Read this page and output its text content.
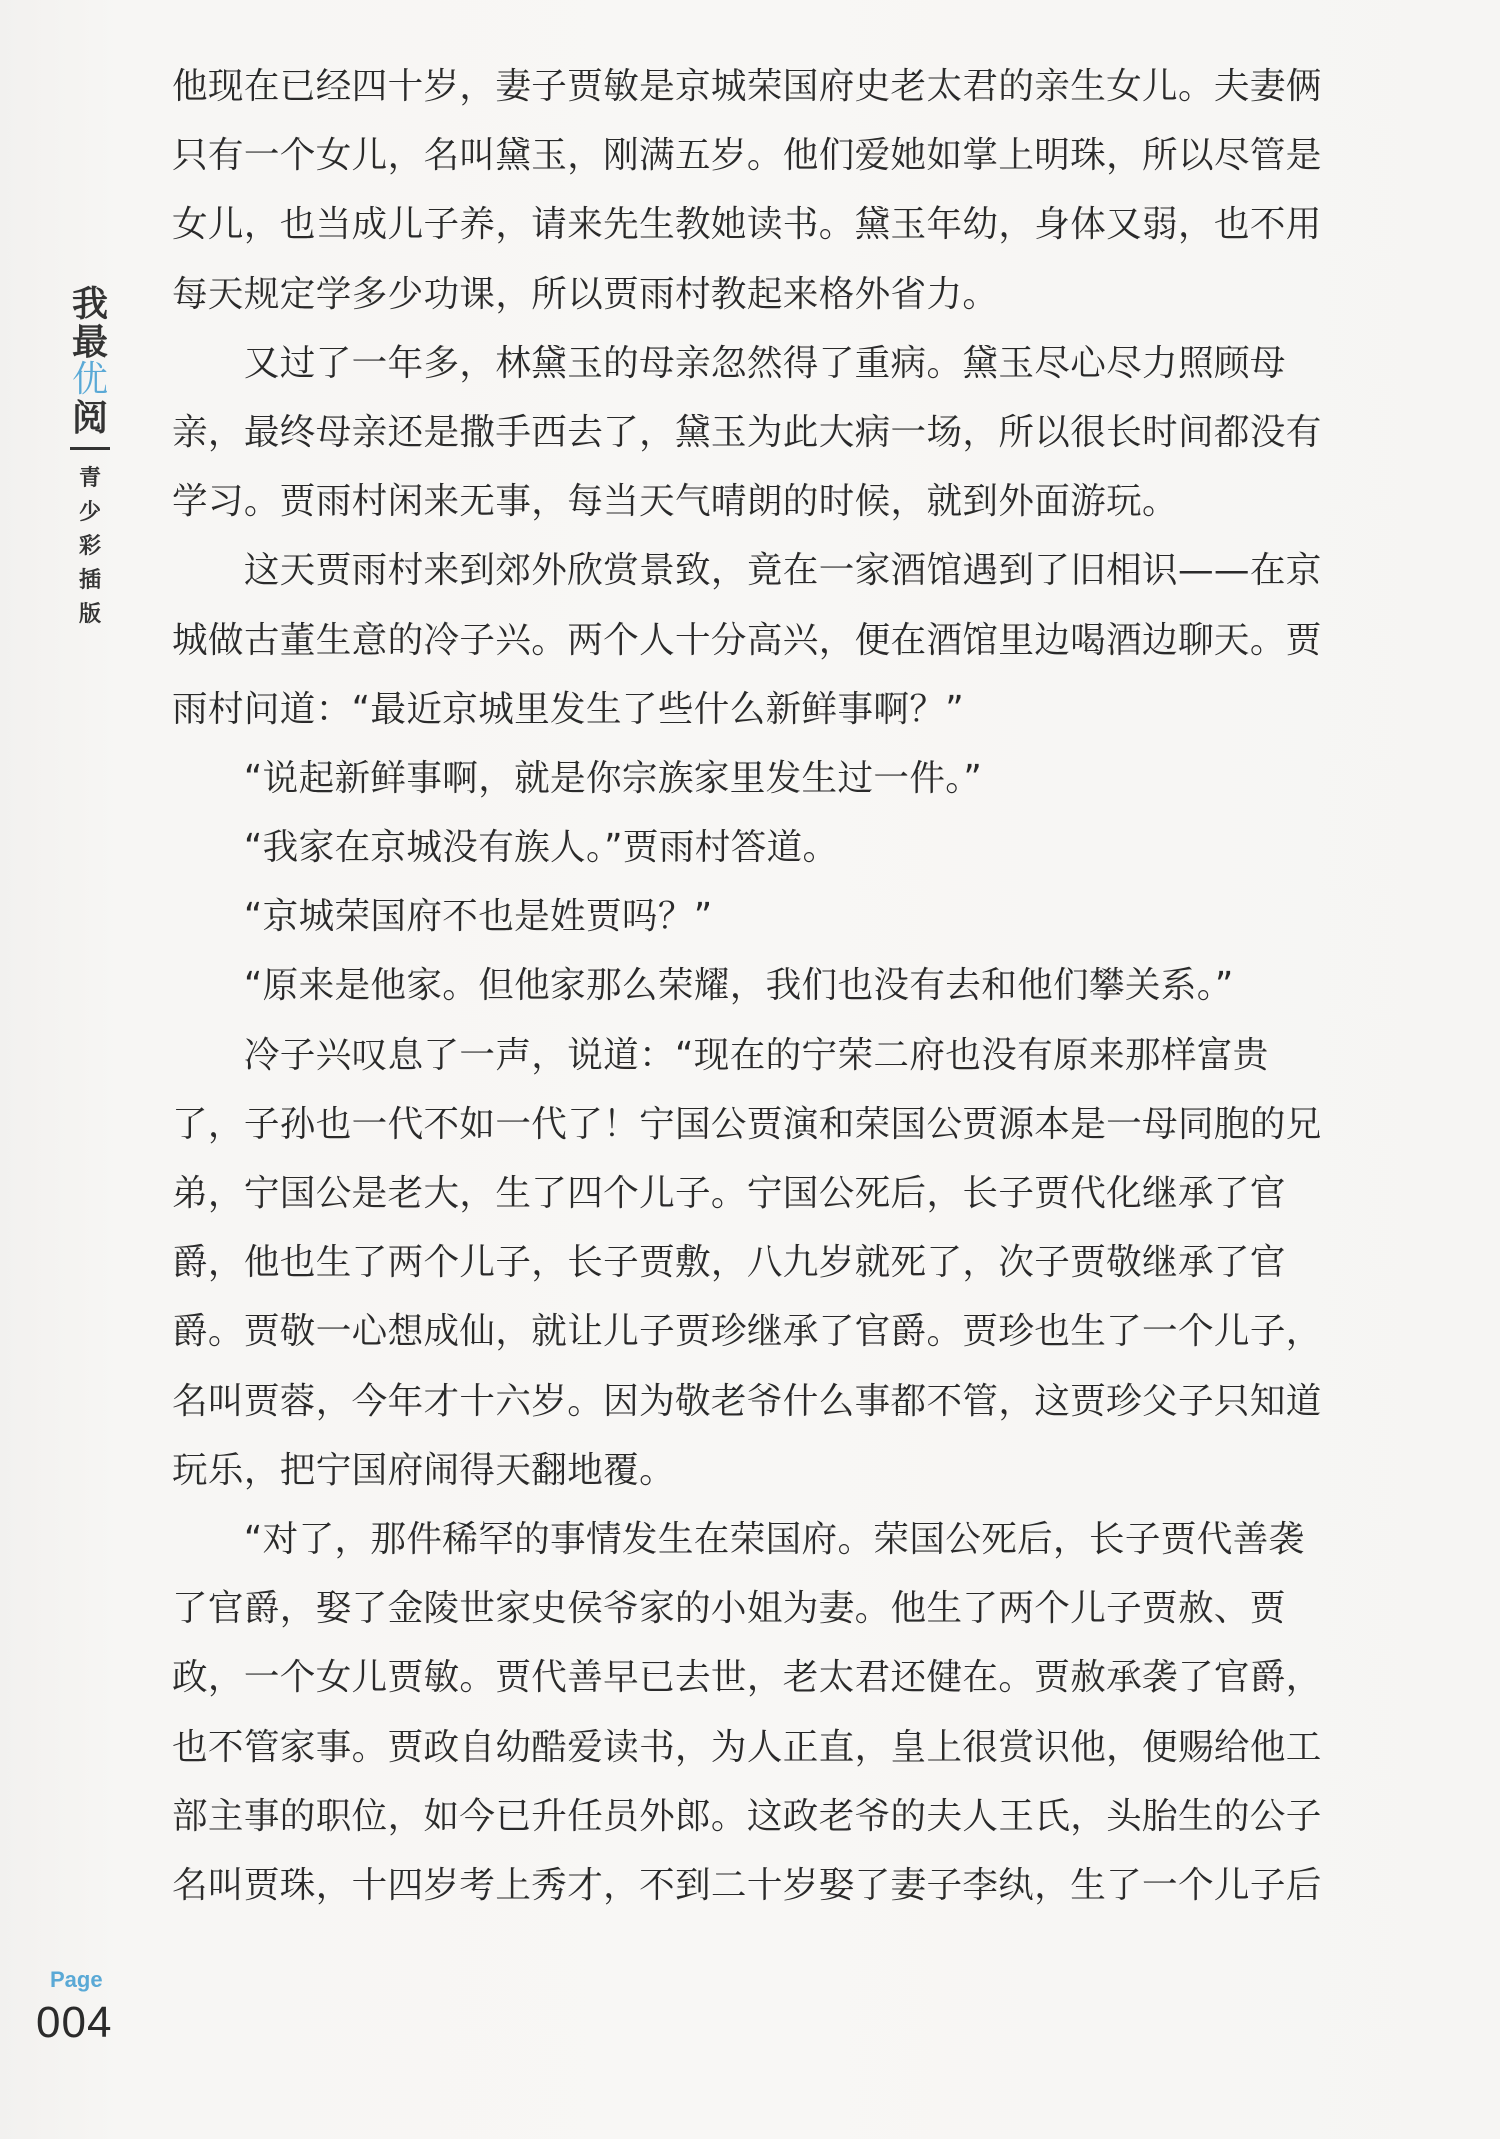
我
最
优
阅
青
少
彩
插
版
他现在已经四十岁，妻子贾敏是京城荣国府史老太君的亲生女儿。夫妻俩
只有一个女儿，名叫黛玉，刚满五岁。他们爱她如掌上明珠，所以尽管是
女儿，也当成儿子养，请来先生教她读书。黛玉年幼，身体又弱，也不用
每天规定学多少功课，所以贾雨村教起来格外省力。
　　又过了一年多，林黛玉的母亲忽然得了重病。黛玉尽心尽力照顾母
亲，最终母亲还是撒手西去了，黛玉为此大病一场，所以很长时间都没有
学习。贾雨村闲来无事，每当天气晴朗的时候，就到外面游玩。
　　这天贾雨村来到郊外欣赏景致，竟在一家酒馆遇到了旧相识——在京
城做古董生意的冷子兴。两个人十分高兴，便在酒馆里边喝酒边聊天。贾
雨村问道：“最近京城里发生了些什么新鲜事啊？”
　　“说起新鲜事啊，就是你宗族家里发生过一件。”
　　“我家在京城没有族人。”贾雨村答道。
　　“京城荣国府不也是姓贾吗？”
　　“原来是他家。但他家那么荣耀，我们也没有去和他们攀关系。”
　　冷子兴叹息了一声，说道：“现在的宁荣二府也没有原来那样富贵
了，子孙也一代不如一代了！宁国公贾演和荣国公贾源本是一母同胞的兄
弟，宁国公是老大，生了四个儿子。宁国公死后，长子贾代化继承了官
爵，他也生了两个儿子，长子贾敷，八九岁就死了，次子贾敬继承了官
爵。贾敬一心想成仙，就让儿子贾珍继承了官爵。贾珍也生了一个儿子，
名叫贾蓉，今年才十六岁。因为敬老爷什么事都不管，这贾珍父子只知道
玩乐，把宁国府闹得天翻地覆。
　　“对了，那件稀罕的事情发生在荣国府。荣国公死后，长子贾代善袭
了官爵，娶了金陵世家史侯爷家的小姐为妻。他生了两个儿子贾赦、贾
政，一个女儿贾敏。贾代善早已去世，老太君还健在。贾赦承袭了官爵，
也不管家事。贾政自幼酷爱读书，为人正直，皇上很赏识他，便赐给他工
部主事的职位，如今已升任员外郎。这政老爷的夫人王氏，头胎生的公子
名叫贾珠，十四岁考上秀才，不到二十岁娶了妻子李纨，生了一个儿子后
Page
004
